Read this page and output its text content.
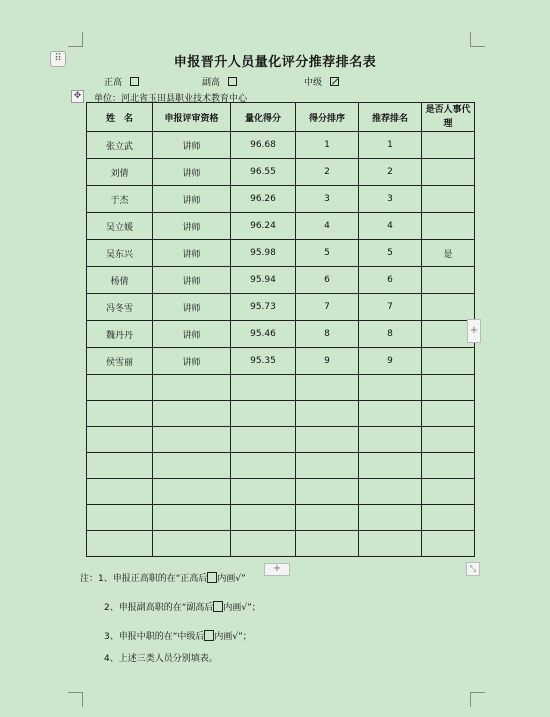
⠿	申报晋升人员量化评分推荐排名表
正高	副高	中级
✥	单位：河北省玉田县职业技术教育中心
姓　名	申报评审资格	量化得分	得分排序	推荐排名	是否人事代理
张立武	讲师	96.68	1	1	
刘倩	讲师	96.55	2	2	
于杰	讲师	96.26	3	3	
吴立媛	讲师	96.24	4	4	
吴东兴	讲师	95.98	5	5	是
杨倩	讲师	95.94	6	6	
冯冬雪	讲师	95.73	7	7	
魏丹丹	讲师	95.46	8	8	
侯雪丽	讲师	95.35	9	9	

+
+	⤡
注：1、申报正高职的在“正高后 内画√”
2、申报副高职的在“副高后 内画√”；
3、申报中职的在“中级后 内画√”；
4、上述三类人员分别填表。
